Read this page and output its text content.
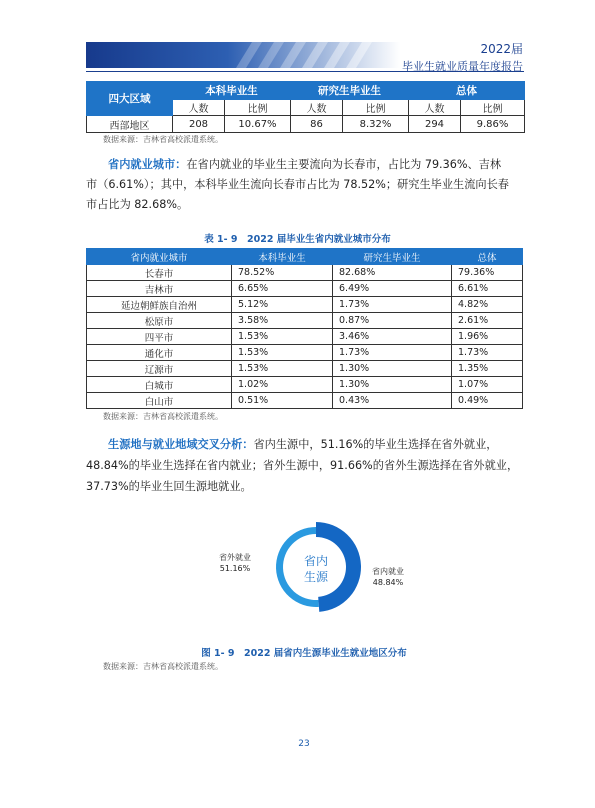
2022届
毕业生就业质量年度报告
四大区域	本科毕业生		研究生毕业生		总体	
	人数	比例	人数	比例	人数	比例
西部地区	208	10.67%	86	8.32%	294	9.86%
数据来源：吉林省高校派遣系统。
省内就业城市：在省内就业的毕业生主要流向为长春市，占比为 79.36%、吉林
市（6.61%）；其中，本科毕业生流向长春市占比为 78.52%；研究生毕业生流向长春
市占比为 82.68%。
表 1- 9　2022 届毕业生省内就业城市分布
省内就业城市	本科毕业生	研究生毕业生	总体
长春市	78.52%	82.68%	79.36%
吉林市	6.65%	6.49%	6.61%
延边朝鲜族自治州	5.12%	1.73%	4.82%
松原市	3.58%	0.87%	2.61%
四平市	1.53%	3.46%	1.96%
通化市	1.53%	1.73%	1.73%
辽源市	1.53%	1.30%	1.35%
白城市	1.02%	1.30%	1.07%
白山市	0.51%	0.43%	0.49%
数据来源：吉林省高校派遣系统。
生源地与就业地域交叉分析：省内生源中，51.16%的毕业生选择在省外就业，
48.84%的毕业生选择在省内就业；省外生源中，91.66%的省外生源选择在省外就业，
37.73%的毕业生回生源地就业。
省内
生源
省外就业
51.16%	省内就业
48.84%
图 1- 9　2022 届省内生源毕业生就业地区分布
数据来源：吉林省高校派遣系统。
23
